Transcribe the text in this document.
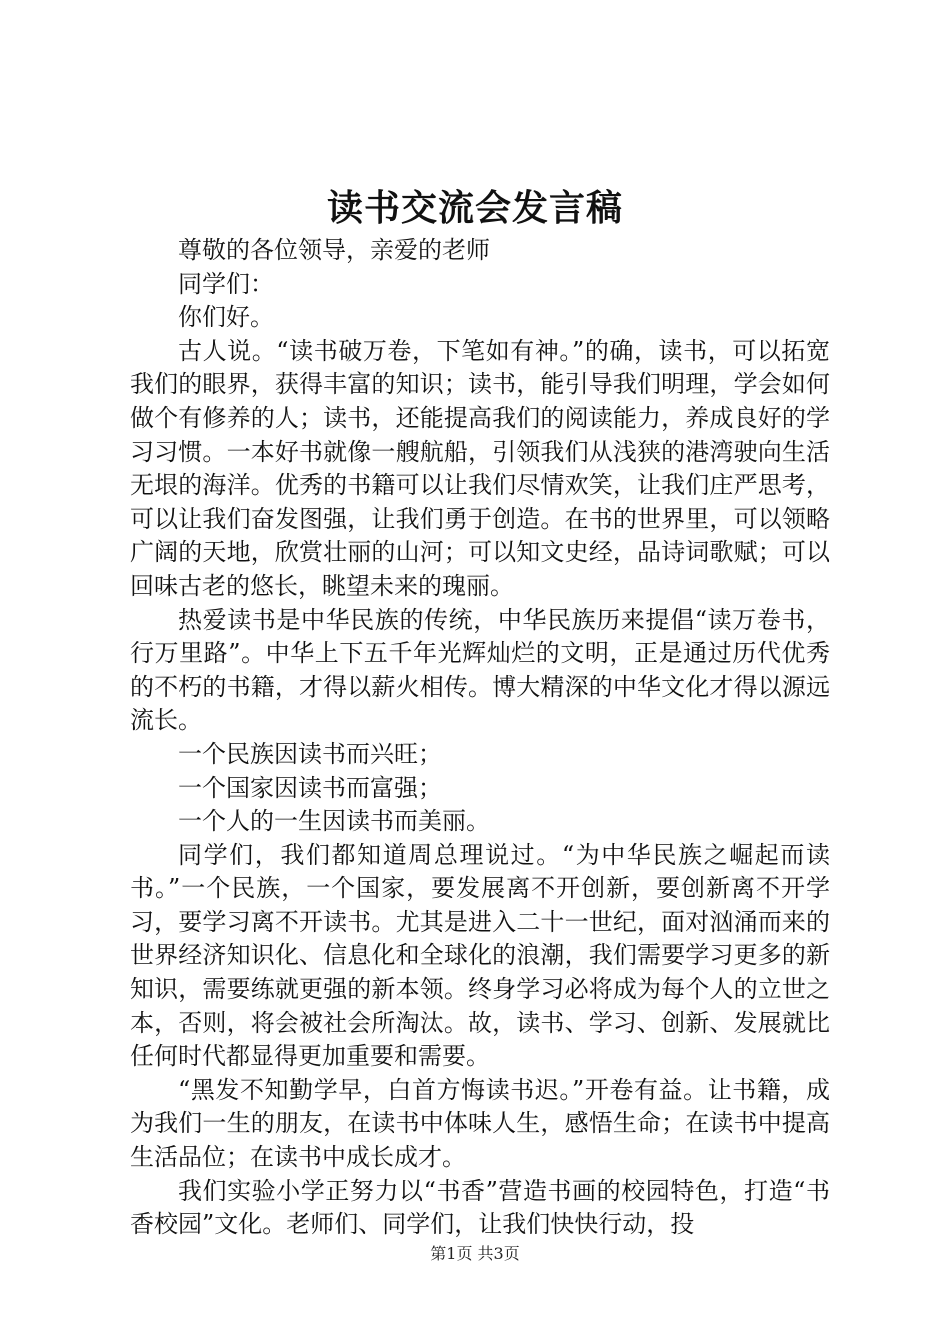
读书交流会发言稿

尊敬的各位领导，亲爱的老师

同学们：

你们好。

古人说。“读书破万卷，下笔如有神。”的确，读书，可以拓宽我们的眼界，获得丰富的知识；读书，能引导我们明理，学会如何做个有修养的人；读书，还能提高我们的阅读能力，养成良好的学习习惯。一本好书就像一艘航船，引领我们从浅狭的港湾驶向生活无垠的海洋。优秀的书籍可以让我们尽情欢笑，让我们庄严思考，可以让我们奋发图强，让我们勇于创造。在书的世界里，可以领略广阔的天地，欣赏壮丽的山河；可以知文史经，品诗词歌赋；可以回味古老的悠长，眺望未来的瑰丽。

热爱读书是中华民族的传统，中华民族历来提倡“读万卷书，行万里路”。中华上下五千年光辉灿烂的文明，正是通过历代优秀的不朽的书籍，才得以薪火相传。博大精深的中华文化才得以源远流长。

一个民族因读书而兴旺；

一个国家因读书而富强；

一个人的一生因读书而美丽。

同学们，我们都知道周总理说过。“为中华民族之崛起而读书。”一个民族，一个国家，要发展离不开创新，要创新离不开学习，要学习离不开读书。尤其是进入二十一世纪，面对汹涌而来的世界经济知识化、信息化和全球化的浪潮，我们需要学习更多的新知识，需要练就更强的新本领。终身学习必将成为每个人的立世之本，否则，将会被社会所淘汰。故，读书、学习、创新、发展就比任何时代都显得更加重要和需要。

“黑发不知勤学早，白首方悔读书迟。”开卷有益。让书籍，成为我们一生的朋友，在读书中体味人生，感悟生命；在读书中提高生活品位；在读书中成长成才。

我们实验小学正努力以“书香”营造书画的校园特色，打造“书香校园”文化。老师们、同学们，让我们快快行动，投

第1页 共3页
